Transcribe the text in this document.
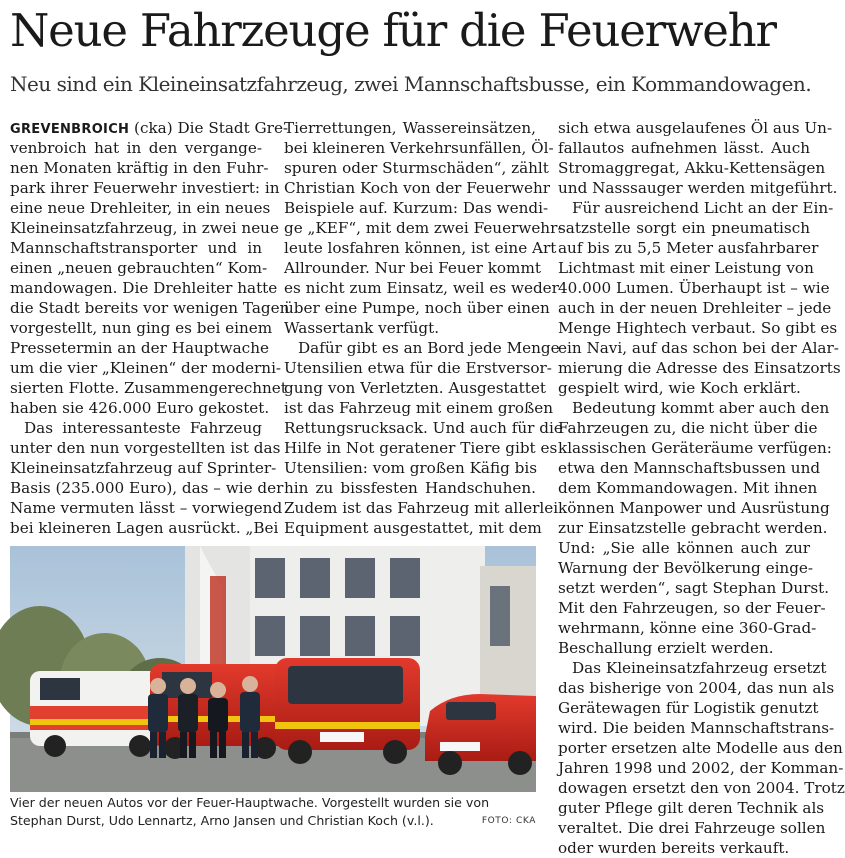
Neue Fahrzeuge für die Feuerwehr
Neu sind ein Kleineinsatzfahrzeug, zwei Mannschaftsbusse, ein Kommandowagen.

GREVENBROICH (cka) Die Stadt Gre-
venbroich hat in den vergange-
nen Monaten kräftig in den Fuhr-
park ihrer Feuerwehr investiert: in
eine neue Drehleiter, in ein neues
Kleineinsatzfahrzeug, in zwei neue
Mannschaftstransporter und in
einen „neuen gebrauchten“ Kom-
mandowagen. Die Drehleiter hatte
die Stadt bereits vor wenigen Tagen
vorgestellt, nun ging es bei einem
Pressetermin an der Hauptwache
um die vier „Kleinen“ der moderni-
sierten Flotte. Zusammengerechnet
haben sie 426.000 Euro gekostet.

Das interessanteste Fahrzeug
unter den nun vorgestellten ist das
Kleineinsatzfahrzeug auf Sprinter-
Basis (235.000 Euro), das – wie der
Name vermuten lässt – vorwiegend
bei kleineren Lagen ausrückt. „Bei

Tierrettungen, Wassereinsätzen,
bei kleineren Verkehrsunfällen, Öl-
spuren oder Sturmschäden“, zählt
Christian Koch von der Feuerwehr
Beispiele auf. Kurzum: Das wendi-
ge „KEF“, mit dem zwei Feuerwehr-
leute losfahren können, ist eine Art
Allrounder. Nur bei Feuer kommt
es nicht zum Einsatz, weil es weder
über eine Pumpe, noch über einen
Wassertank verfügt.

Dafür gibt es an Bord jede Menge
Utensilien etwa für die Erstversor-
gung von Verletzten. Ausgestattet
ist das Fahrzeug mit einem großen
Rettungsrucksack. Und auch für die
Hilfe in Not geratener Tiere gibt es
Utensilien: vom großen Käfig bis
hin zu bissfesten Handschuhen.
Zudem ist das Fahrzeug mit allerlei
Equipment ausgestattet, mit dem

sich etwa ausgelaufenes Öl aus Un-
fallautos aufnehmen lässt. Auch
Stromaggregat, Akku-Kettensägen
und Nasssauger werden mitgeführt.

Für ausreichend Licht an der Ein-
satzstelle sorgt ein pneumatisch
auf bis zu 5,5 Meter ausfahrbarer
Lichtmast mit einer Leistung von
40.000 Lumen. Überhaupt ist – wie
auch in der neuen Drehleiter – jede
Menge Hightech verbaut. So gibt es
ein Navi, auf das schon bei der Alar-
mierung die Adresse des Einsatzorts
gespielt wird, wie Koch erklärt.

Bedeutung kommt aber auch den
Fahrzeugen zu, die nicht über die
klassischen Geräteräume verfügen:
etwa den Mannschaftsbussen und
dem Kommandowagen. Mit ihnen
können Manpower und Ausrüstung
zur Einsatzstelle gebracht werden.
Und: „Sie alle können auch zur
Warnung der Bevölkerung einge-
setzt werden“, sagt Stephan Durst.
Mit den Fahrzeugen, so der Feuer-
wehrmann, könne eine 360-Grad-
Beschallung erzielt werden.

Das Kleineinsatzfahrzeug ersetzt
das bisherige von 2004, das nun als
Gerätewagen für Logistik genutzt
wird. Die beiden Mannschaftstrans-
porter ersetzen alte Modelle aus den
Jahren 1998 und 2002, der Komman-
dowagen ersetzt den von 2004. Trotz
guter Pflege gilt deren Technik als
veraltet. Die drei Fahrzeuge sollen
oder wurden bereits verkauft.

Vier der neuen Autos vor der Feuer-Hauptwache. Vorgestellt wurden sie von
Stephan Durst, Udo Lennartz, Arno Jansen und Christian Koch (v.l.).	FOTO: CKA
